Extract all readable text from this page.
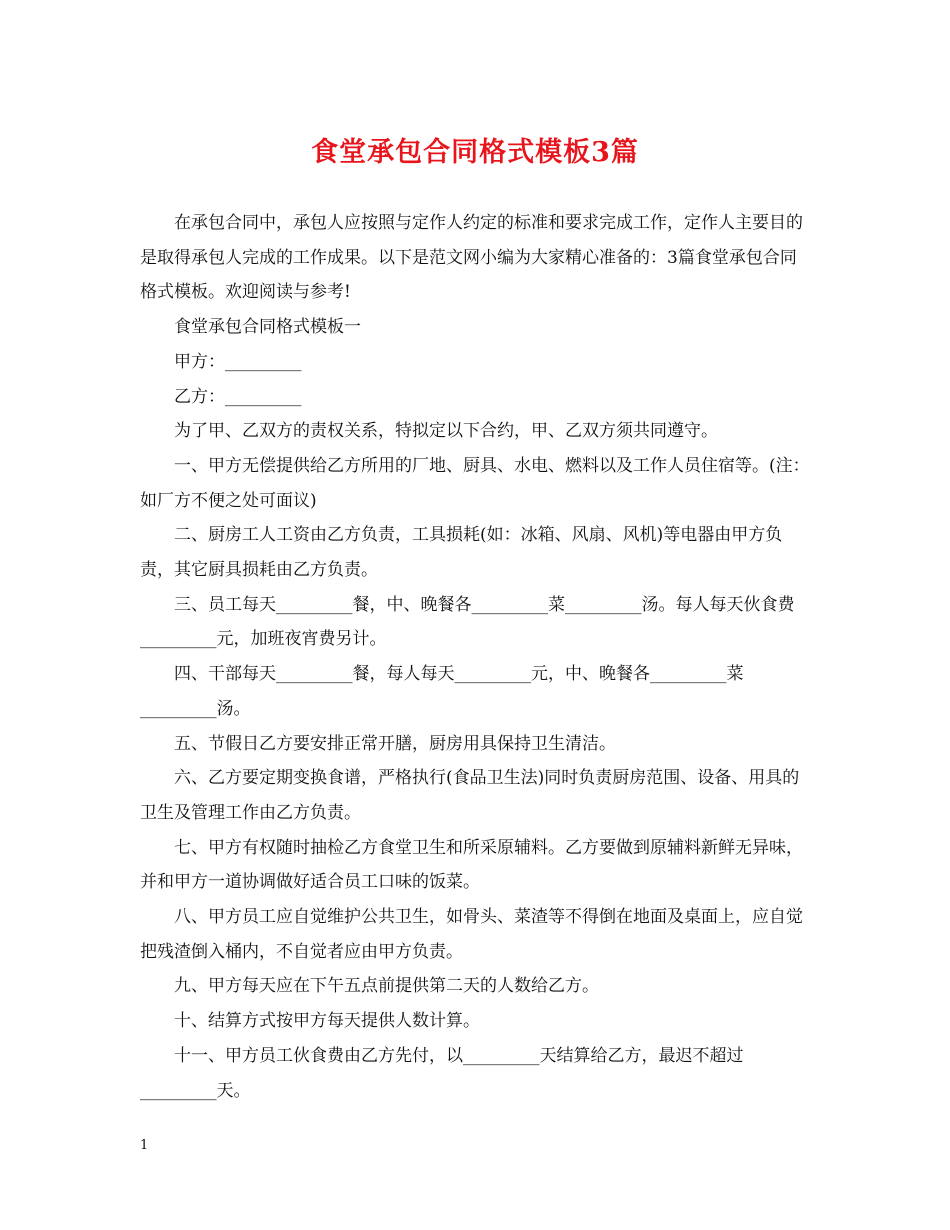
食堂承包合同格式模板3篇

在承包合同中，承包人应按照与定作人约定的标准和要求完成工作，定作人主要目的是取得承包人完成的工作成果。以下是范文网小编为大家精心准备的：3篇食堂承包合同格式模板。欢迎阅读与参考!

食堂承包合同格式模板一

甲方：_________

乙方：_________

为了甲、乙双方的责权关系，特拟定以下合约，甲、乙双方须共同遵守。

一、甲方无偿提供给乙方所用的厂地、厨具、水电、燃料以及工作人员住宿等。(注：如厂方不便之处可面议)

二、厨房工人工资由乙方负责，工具损耗(如：冰箱、风扇、风机)等电器由甲方负责，其它厨具损耗由乙方负责。

三、员工每天_________餐，中、晚餐各_________菜_________汤。每人每天伙食费_________元，加班夜宵费另计。

四、干部每天_________餐，每人每天_________元，中、晚餐各_________菜_________汤。

五、节假日乙方要安排正常开膳，厨房用具保持卫生清洁。

六、乙方要定期变换食谱，严格执行(食品卫生法)同时负责厨房范围、设备、用具的卫生及管理工作由乙方负责。

七、甲方有权随时抽检乙方食堂卫生和所采原辅料。乙方要做到原辅料新鲜无异味，并和甲方一道协调做好适合员工口味的饭菜。

八、甲方员工应自觉维护公共卫生，如骨头、菜渣等不得倒在地面及桌面上，应自觉把残渣倒入桶内，不自觉者应由甲方负责。

九、甲方每天应在下午五点前提供第二天的人数给乙方。

十、结算方式按甲方每天提供人数计算。

十一、甲方员工伙食费由乙方先付，以_________天结算给乙方，最迟不超过_________天。

1
